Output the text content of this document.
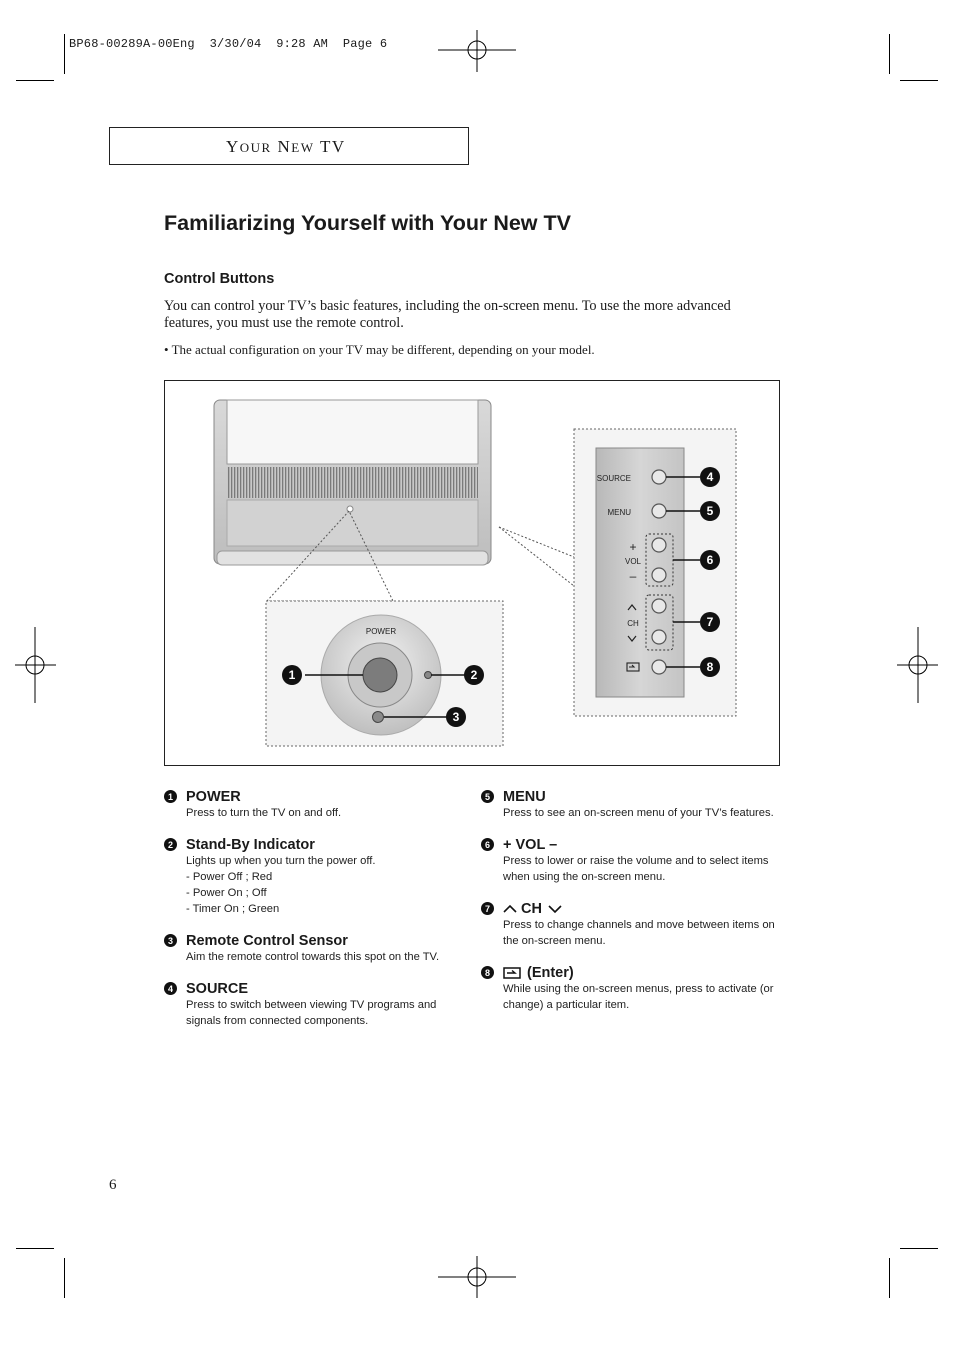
BP68-00289A-00Eng  3/30/04  9:28 AM  Page 6
YOUR NEW TV
Familiarizing Yourself with Your New TV
Control Buttons
You can control your TV’s basic features, including the on-screen menu. To use the more advanced features, you must use the remote control.
• The actual configuration on your TV may be different, depending on your model.
POWER
SOURCE
MENU
+
VOL
–
CH
1	2
3
4
5
6
7
8
1 POWER
Press to turn the TV on and off.
2 Stand-By Indicator
Lights up when you turn the power off.
- Power Off ; Red
- Power On ; Off
- Timer On ; Green
3 Remote Control Sensor
Aim the remote control towards this spot on the TV.
4 SOURCE
Press to switch between viewing TV programs and
signals from connected components.
5 MENU
Press to see an on-screen menu of your TV’s features.
6 + VOL –
Press to lower or raise the volume and to select items
when using the on-screen menu.
7 CH
Press to change channels and move between items on
the on-screen menu.
8	(Enter)
While using the on-screen menus, press to activate (or
change) a particular item.
6
